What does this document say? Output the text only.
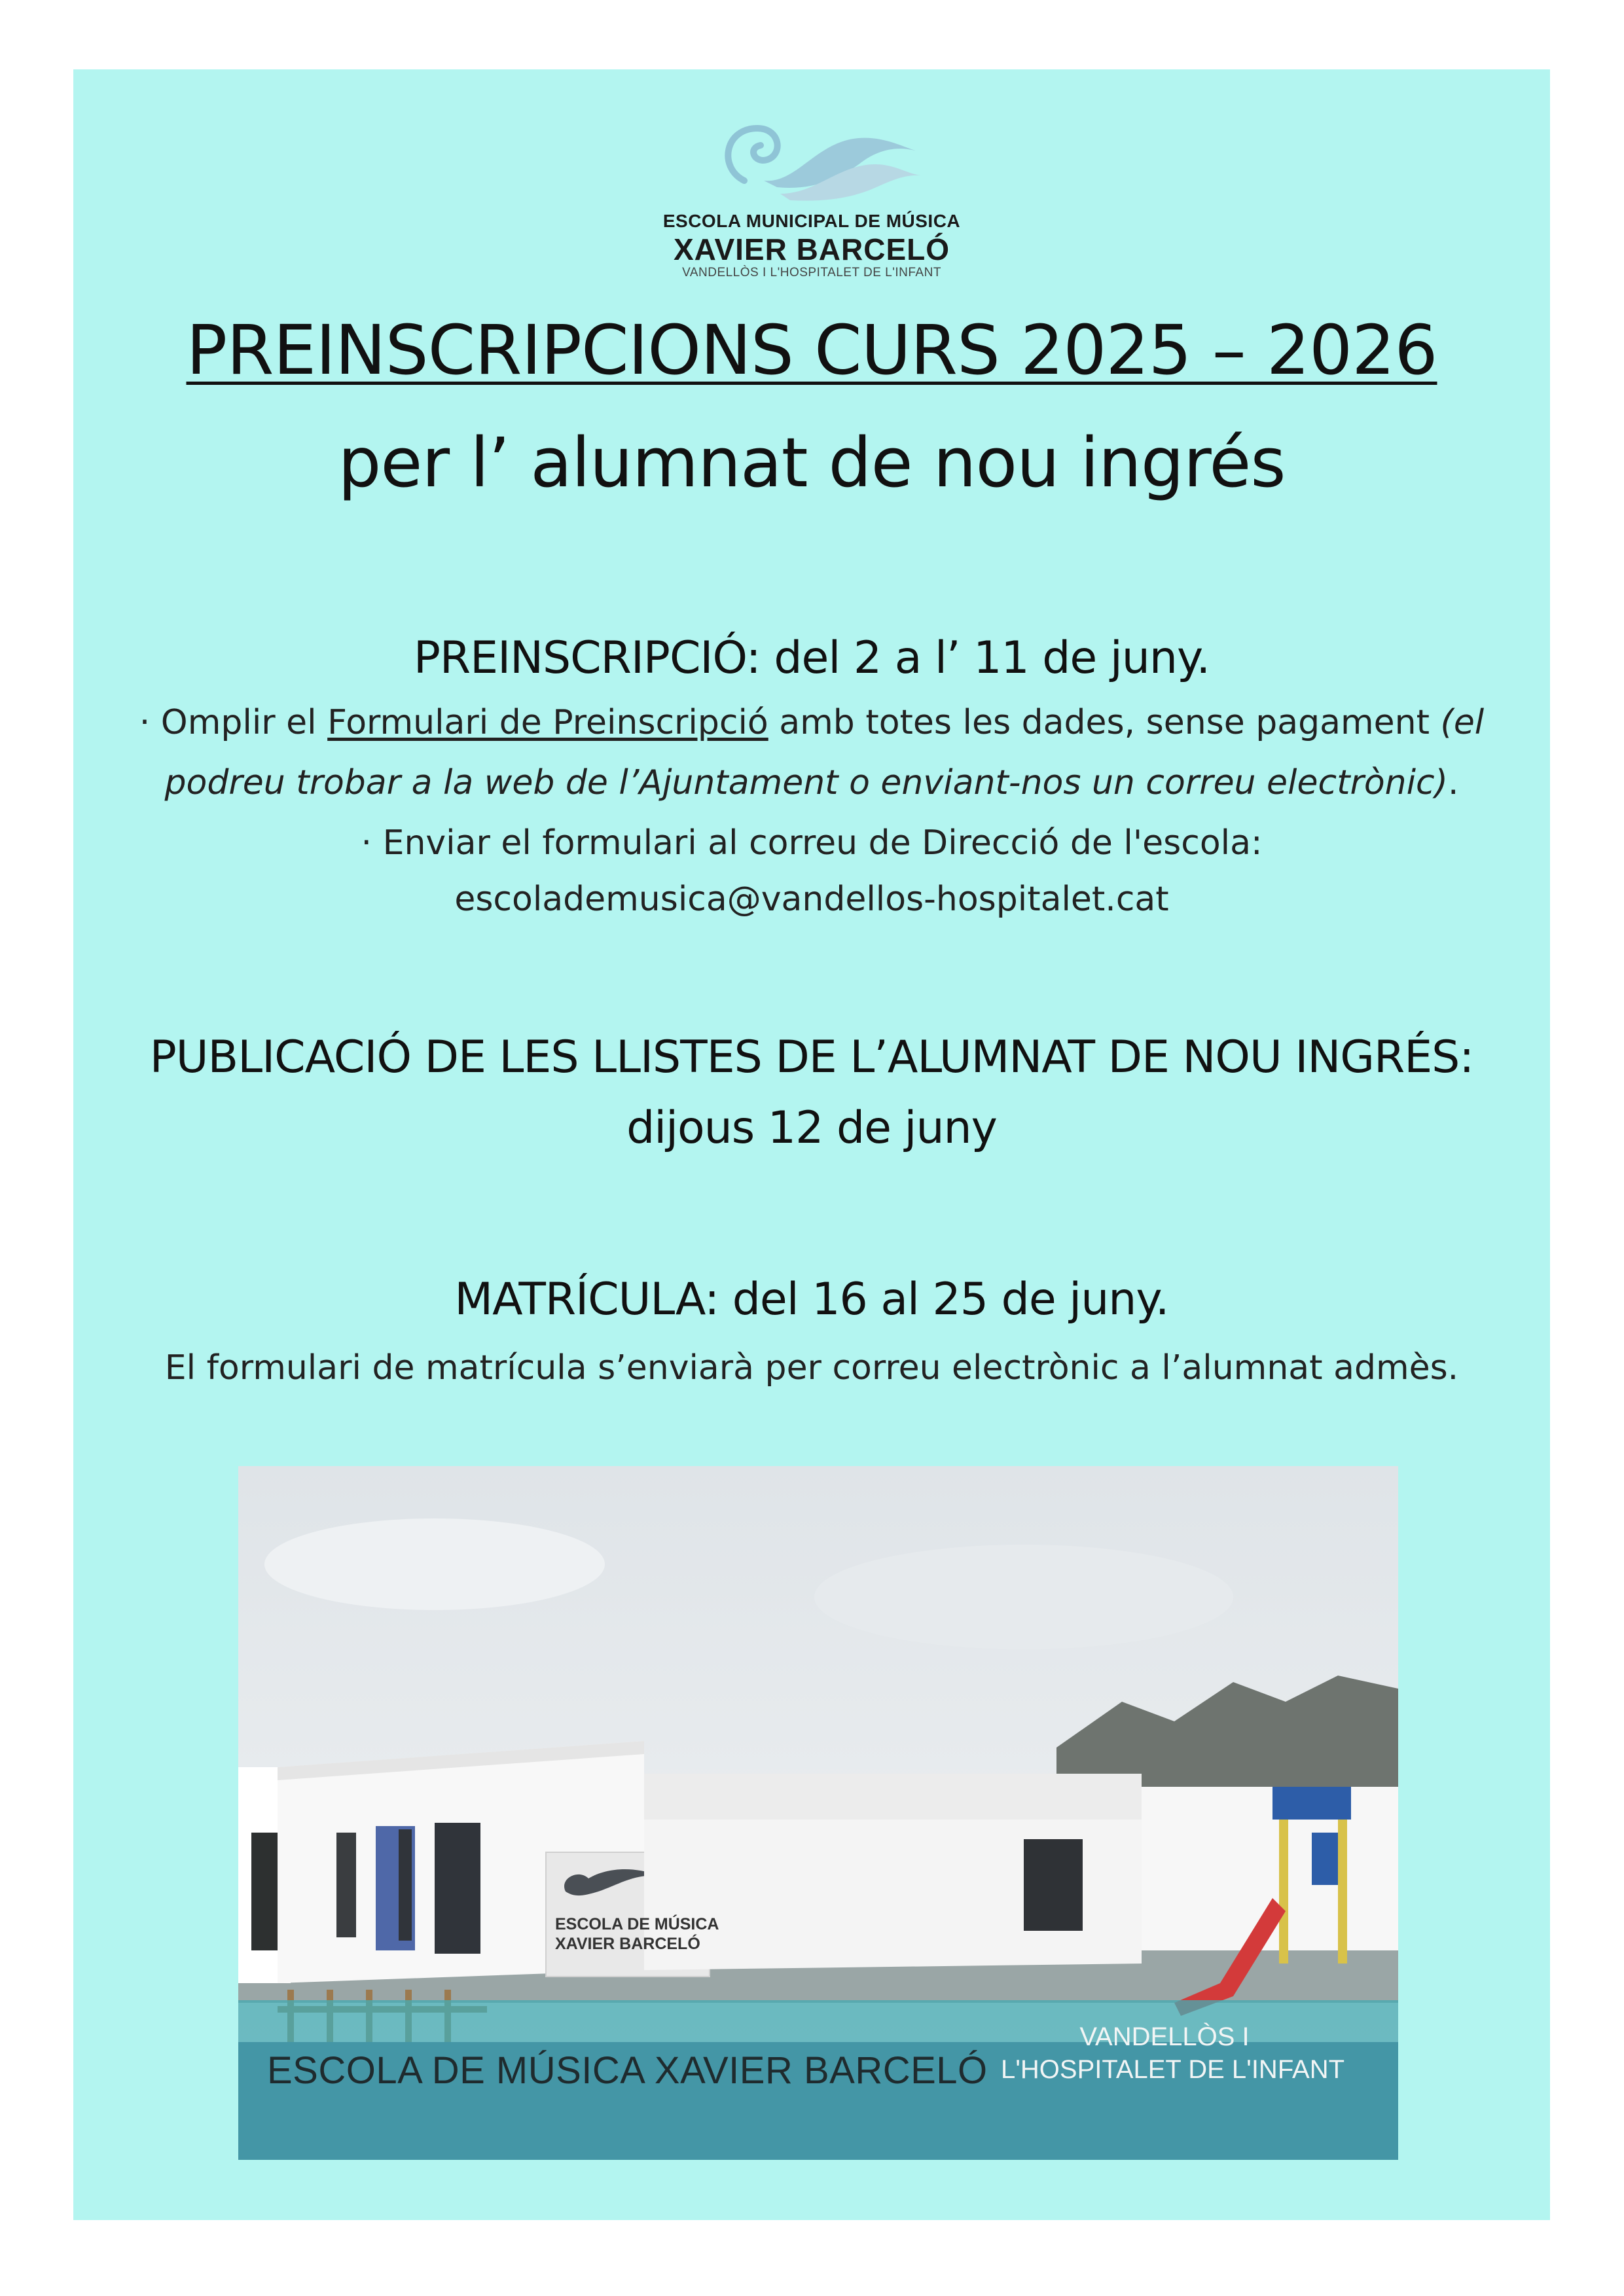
ESCOLA MUNICIPAL DE MÚSICA
XAVIER BARCELÓ
VANDELLÒS I L'HOSPITALET DE L'INFANT
PREINSCRIPCIONS CURS 2025 – 2026
per l’ alumnat de nou ingrés
PREINSCRIPCIÓ: del 2 a l’ 11 de juny.
· Omplir el Formulari de Preinscripció amb totes les dades, sense pagament (el
podreu trobar a la web de l’Ajuntament o enviant-nos un correu electrònic).
· Enviar el formulari al correu de Direcció de l'escola:
escolademusica@vandellos-hospitalet.cat
PUBLICACIÓ DE LES LLISTES DE L’ALUMNAT DE NOU INGRÉS:
dijous 12 de juny
MATRÍCULA: del 16 al 25 de juny.
El formulari de matrícula s’enviarà per correu electrònic a l’alumnat admès.
ESCOLA DE MÚSICA
XAVIER BARCELÓ
ESCOLA DE MÚSICA XAVIER BARCELÓ
VANDELLÒS I
L'HOSPITALET DE L'INFANT
